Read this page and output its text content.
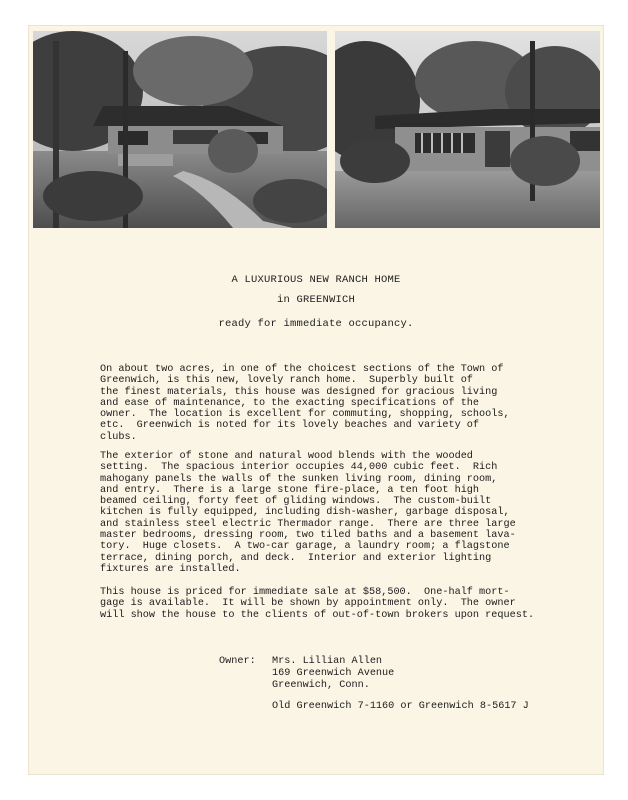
A LUXURIOUS NEW RANCH HOME
in GREENWICH
ready for immediate occupancy.

On about two acres, in one of the choicest sections of the Town of
Greenwich, is this new, lovely ranch home.  Superbly built of
the finest materials, this house was designed for gracious living
and ease of maintenance, to the exacting specifications of the
owner.  The location is excellent for commuting, shopping, schools,
etc.  Greenwich is noted for its lovely beaches and variety of
clubs.

The exterior of stone and natural wood blends with the wooded
setting.  The spacious interior occupies 44,000 cubic feet.  Rich
mahogany panels the walls of the sunken living room, dining room,
and entry.  There is a large stone fire-place, a ten foot high
beamed ceiling, forty feet of gliding windows.  The custom-built
kitchen is fully equipped, including dish-washer, garbage disposal,
and stainless steel electric Thermador range.  There are three large
master bedrooms, dressing room, two tiled baths and a basement lava-
tory.  Huge closets.  A two-car garage, a laundry room; a flagstone
terrace, dining porch, and deck.  Interior and exterior lighting
fixtures are installed.

This house is priced for immediate sale at $58,500.  One-half mort-
gage is available.  It will be shown by appointment only.  The owner
will show the house to the clients of out-of-town brokers upon request.

Owner: Mrs. Lillian Allen
169 Greenwich Avenue
Greenwich, Conn.
Old Greenwich 7-1160 or Greenwich 8-5617 J
